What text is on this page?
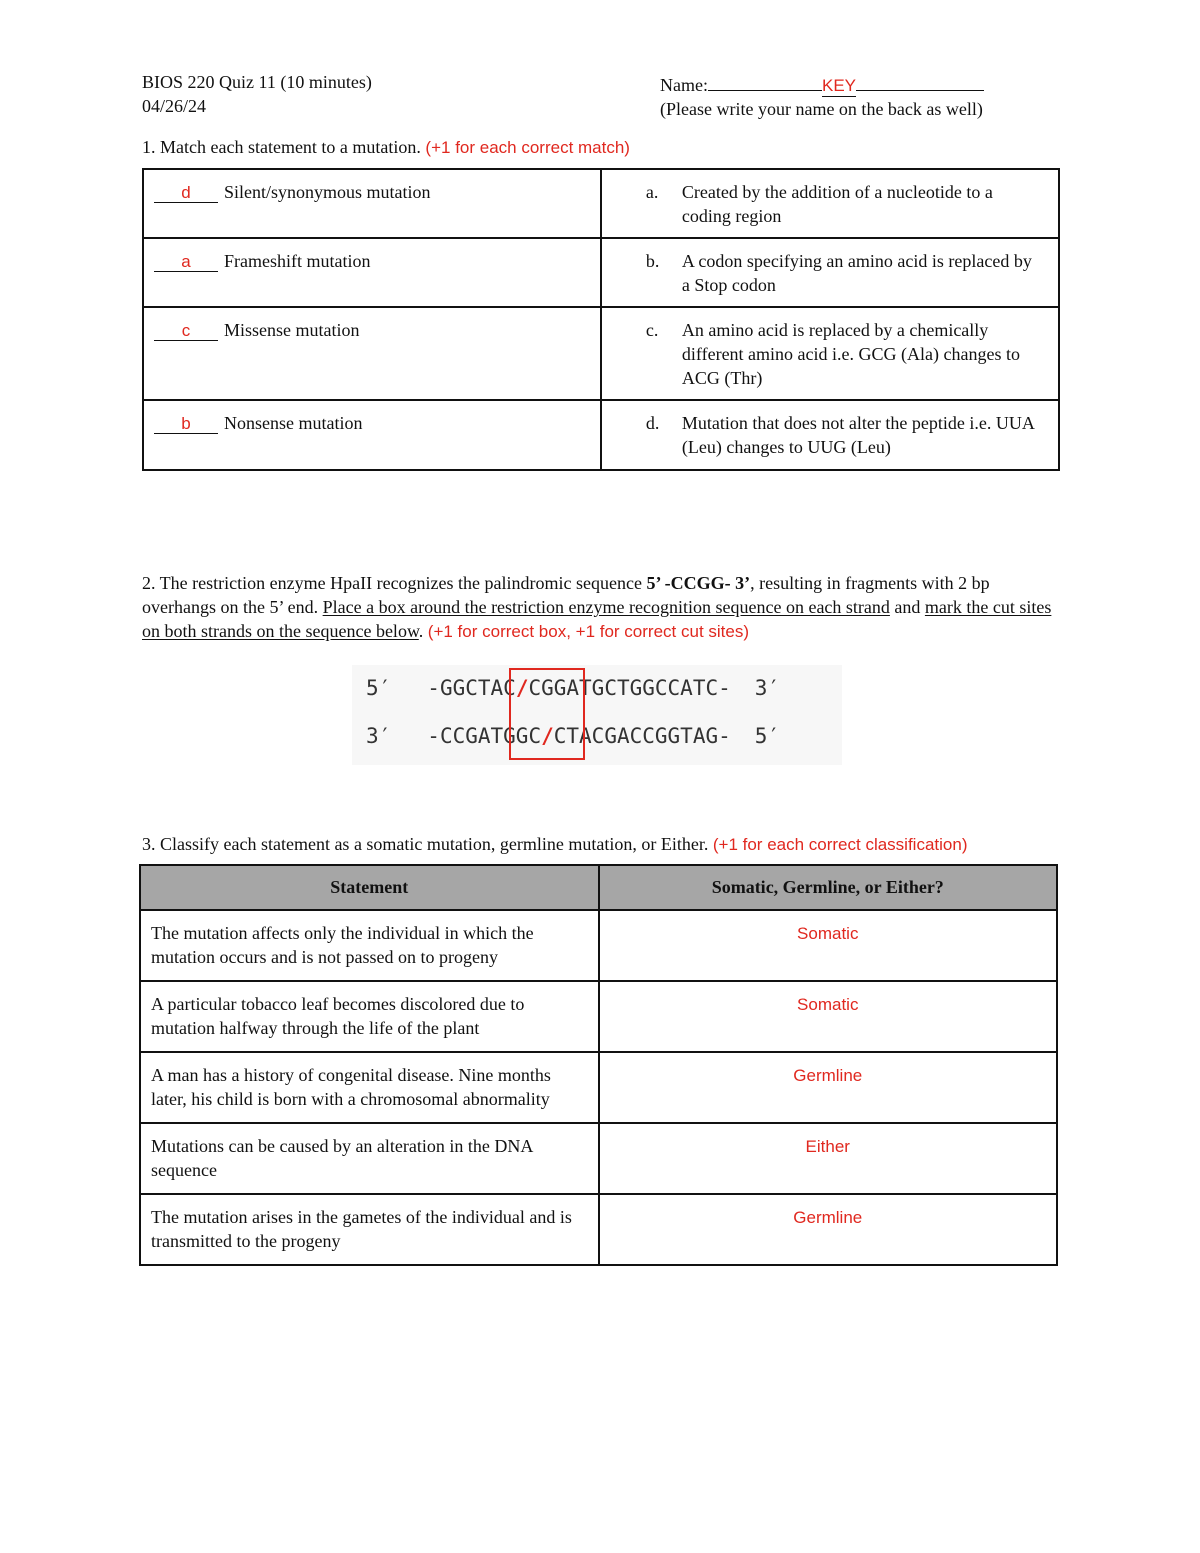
BIOS 220 Quiz 11 (10 minutes)
04/26/24
Name:	KEY
(Please write your name on the back as well)
1. Match each statement to a mutation. (+1 for each correct match)
d Silent/synonymous mutation	a. Created by the addition of a nucleotide to a coding region

a Frameshift mutation	b. A codon specifying an amino acid is replaced by a Stop codon

c Missense mutation	c. An amino acid is replaced by a chemically different amino acid i.e. GCG (Ala) changes to ACG (Thr)

b Nonsense mutation	d. Mutation that does not alter the peptide i.e. UUA (Leu) changes to UUG (Leu)
2. The restriction enzyme HpaII recognizes the palindromic sequence 5’ -CCGG- 3’, resulting in fragments with 2 bp overhangs on the 5’ end. Place a box around the restriction enzyme recognition sequence on each strand and mark the cut sites on both strands on the sequence below. (+1 for correct box, +1 for correct cut sites)
5′ -GGCTAC/CGGATGCTGGCCATC- 3′
3′ -CCGATGGC/CTACGACCGGTAG- 5′
3. Classify each statement as a somatic mutation, germline mutation, or Either. (+1 for each correct classification)
Statement	Somatic, Germline, or Either?
The mutation affects only the individual in which the mutation occurs and is not passed on to progeny	Somatic
A particular tobacco leaf becomes discolored due to mutation halfway through the life of the plant	Somatic
A man has a history of congenital disease. Nine months later, his child is born with a chromosomal abnormality	Germline
Mutations can be caused by an alteration in the DNA sequence	Either
The mutation arises in the gametes of the individual and is transmitted to the progeny	Germline
